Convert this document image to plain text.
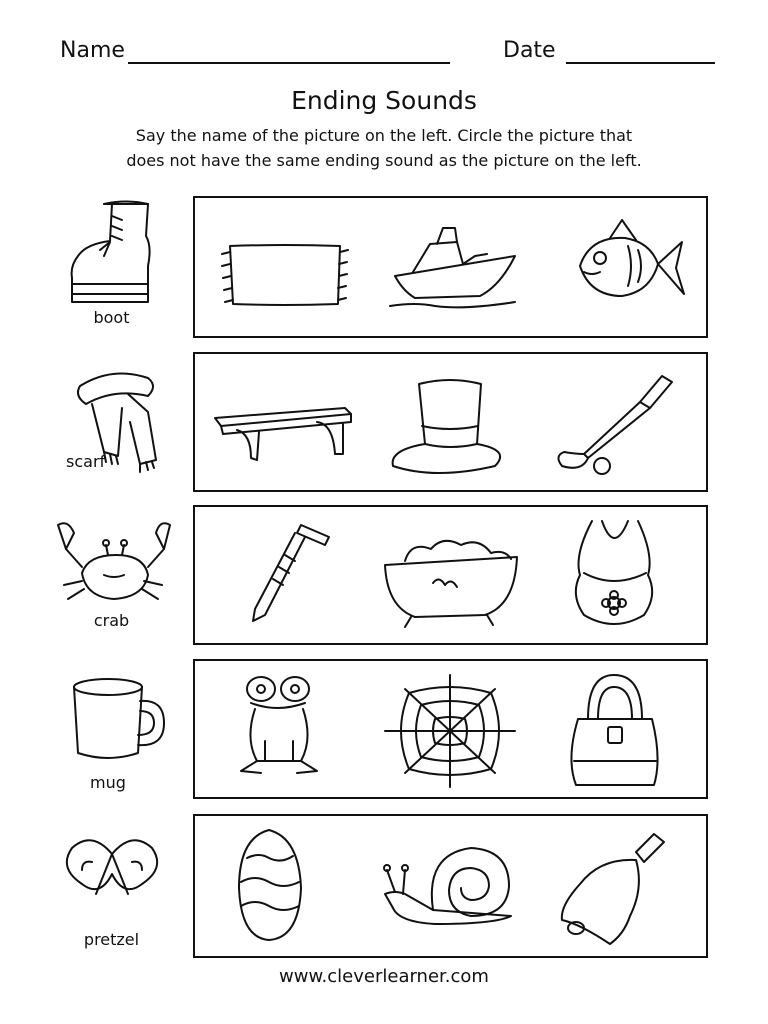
Name	Date
Ending Sounds
Say the name of the picture on the left. Circle the picture that
does not have the same ending sound as the picture on the left.
boot
scarf
crab
mug
pretzel
www.cleverlearner.com
